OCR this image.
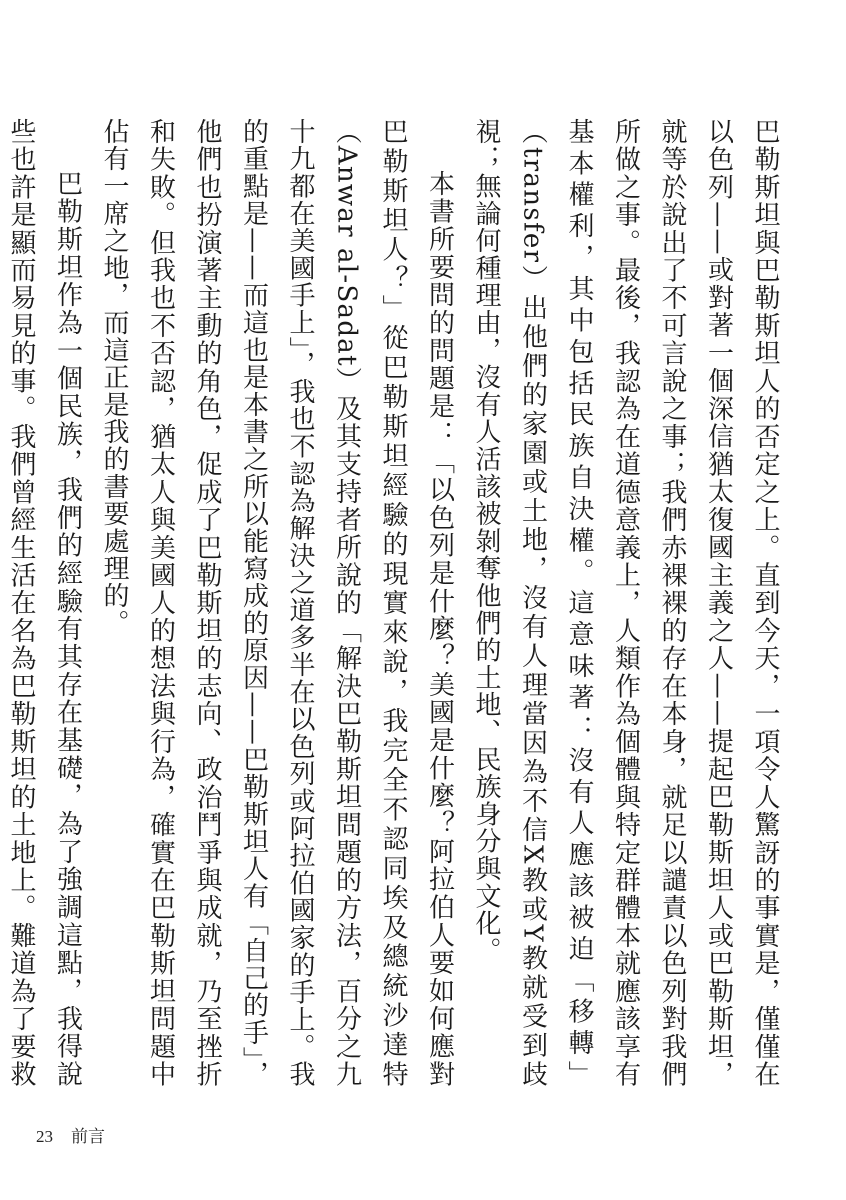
巴勒斯坦與巴勒斯坦人的否定之上。直到今天，一項令人驚訝的事實是，僅僅在以色列——或對著一個深信猶太復國主義之人——提起巴勒斯坦人或巴勒斯坦，就等於說出了不可言說之事；我們赤裸裸的存在本身，就足以譴責以色列對我們所做之事。最後，我認為在道德意義上，人類作為個體與特定群體本就應該享有基本權利，其中包括民族自決權。這意味著：沒有人應該被迫「移轉」（transfer）出他們的家園或土地，沒有人理當因為不信X教或Y教就受到歧視；無論何種理由，沒有人活該被剝奪他們的土地、民族身分與文化。

本書所要問的問題是：「以色列是什麼？美國是什麼？阿拉伯人要如何應對巴勒斯坦人？」從巴勒斯坦經驗的現實來說，我完全不認同埃及總統沙達特（Anwar al-Sadat）及其支持者所說的「解決巴勒斯坦問題的方法，百分之九十九都在美國手上」，我也不認為解決之道多半在以色列或阿拉伯國家的手上。我的重點是——而這也是本書之所以能寫成的原因——巴勒斯坦人有「自己的手」，他們也扮演著主動的角色，促成了巴勒斯坦的志向、政治鬥爭與成就，乃至挫折和失敗。但我也不否認，猶太人與美國人的想法與行為，確實在巴勒斯坦問題中佔有一席之地，而這正是我的書要處理的。

巴勒斯坦作為一個民族，我們的經驗有其存在基礎，為了強調這點，我得說些也許是顯而易見的事。我們曾經生活在名為巴勒斯坦的土地上。難道為了要救

23 前言
